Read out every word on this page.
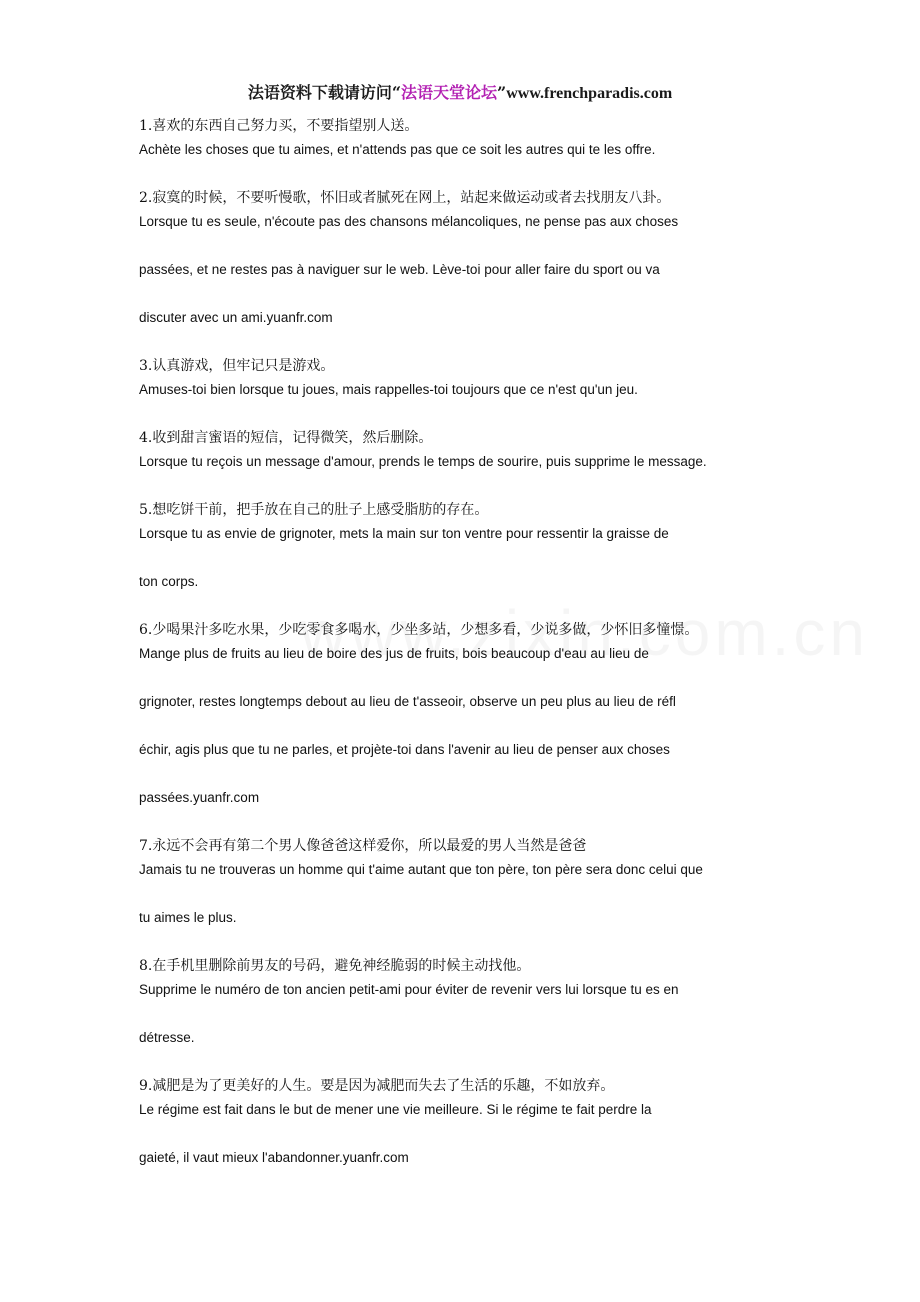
法语资料下载请访问“法语天堂论坛”www.frenchparadis.com
1.喜欢的东西自己努力买，不要指望别人送。
Achète les choses que tu aimes, et n'attends pas que ce soit les autres qui te les offre.
2.寂寞的时候，不要听慢歌，怀旧或者腻死在网上，站起来做运动或者去找朋友八卦。
Lorsque tu es seule, n'écoute pas des chansons mélancoliques, ne pense pas aux choses
passées, et ne restes pas à naviguer sur le web. Lève-toi pour aller faire du sport ou va
discuter avec un ami.yuanfr.com
3.认真游戏，但牢记只是游戏。
Amuses-toi bien lorsque tu joues, mais rappelles-toi toujours que ce n'est qu'un jeu.
4.收到甜言蜜语的短信，记得微笑，然后删除。
Lorsque tu reçois un message d'amour, prends le temps de sourire, puis supprime le message.
5.想吃饼干前，把手放在自己的肚子上感受脂肪的存在。
Lorsque tu as envie de grignoter, mets la main sur ton ventre pour ressentir la graisse de
ton corps.
6.少喝果汁多吃水果，少吃零食多喝水，少坐多站，少想多看，少说多做，少怀旧多憧憬。
Mange plus de fruits au lieu de boire des jus de fruits, bois beaucoup d'eau au lieu de
grignoter, restes longtemps debout au lieu de t'asseoir, observe un peu plus au lieu de réfl
échir, agis plus que tu ne parles, et projète-toi dans l'avenir au lieu de penser aux choses
passées.yuanfr.com
7.永远不会再有第二个男人像爸爸这样爱你，所以最爱的男人当然是爸爸
Jamais tu ne trouveras un homme qui t'aime autant que ton père, ton père sera donc celui que
tu aimes le plus.
8.在手机里删除前男友的号码，避免神经脆弱的时候主动找他。
Supprime le numéro de ton ancien petit-ami pour éviter de revenir vers lui lorsque tu es en
détresse.
9.减肥是为了更美好的人生。要是因为减肥而失去了生活的乐趣，不如放弃。
Le régime est fait dans le but de mener une vie meilleure. Si le régime te fait perdre la
gaieté, il vaut mieux l'abandonner.yuanfr.com
